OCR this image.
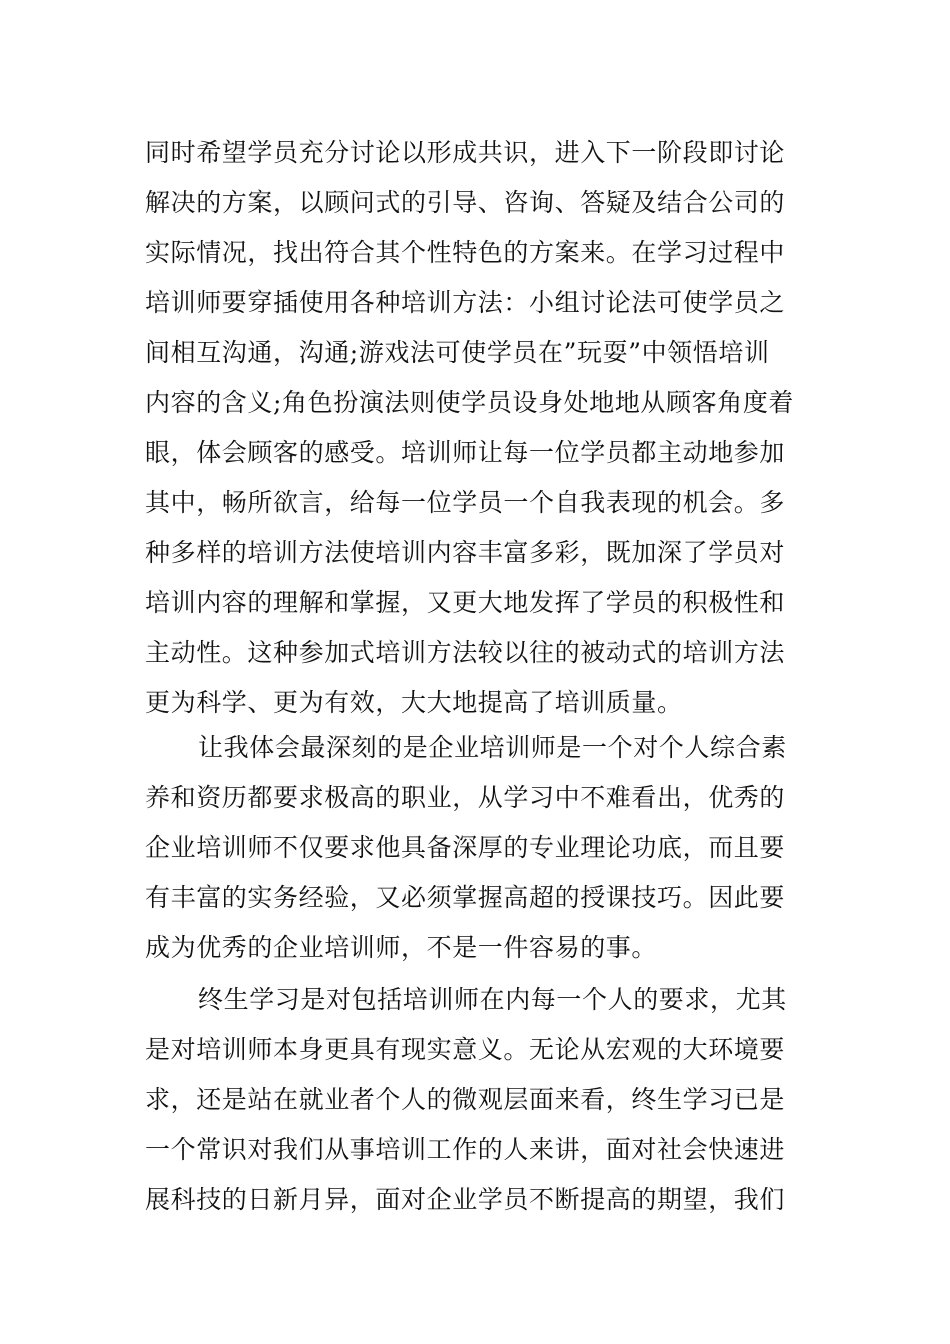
同时希望学员充分讨论以形成共识，进入下一阶段即讨论
解决的方案，以顾问式的引导、咨询、答疑及结合公司的
实际情况，找出符合其个性特色的方案来。在学习过程中
培训师要穿插使用各种培训方法：小组讨论法可使学员之
间相互沟通，沟通;游戏法可使学员在”玩耍”中领悟培训
内容的含义;角色扮演法则使学员设身处地地从顾客角度着
眼，体会顾客的感受。培训师让每一位学员都主动地参加
其中，畅所欲言，给每一位学员一个自我表现的机会。多
种多样的培训方法使培训内容丰富多彩，既加深了学员对
培训内容的理解和掌握，又更大地发挥了学员的积极性和
主动性。这种参加式培训方法较以往的被动式的培训方法
更为科学、更为有效，大大地提高了培训质量。
让我体会最深刻的是企业培训师是一个对个人综合素
养和资历都要求极高的职业，从学习中不难看出，优秀的
企业培训师不仅要求他具备深厚的专业理论功底，而且要
有丰富的实务经验，又必须掌握高超的授课技巧。因此要
成为优秀的企业培训师，不是一件容易的事。
终生学习是对包括培训师在内每一个人的要求，尤其
是对培训师本身更具有现实意义。无论从宏观的大环境要
求，还是站在就业者个人的微观层面来看，终生学习已是
一个常识对我们从事培训工作的人来讲，面对社会快速进
展科技的日新月异，面对企业学员不断提高的期望，我们
